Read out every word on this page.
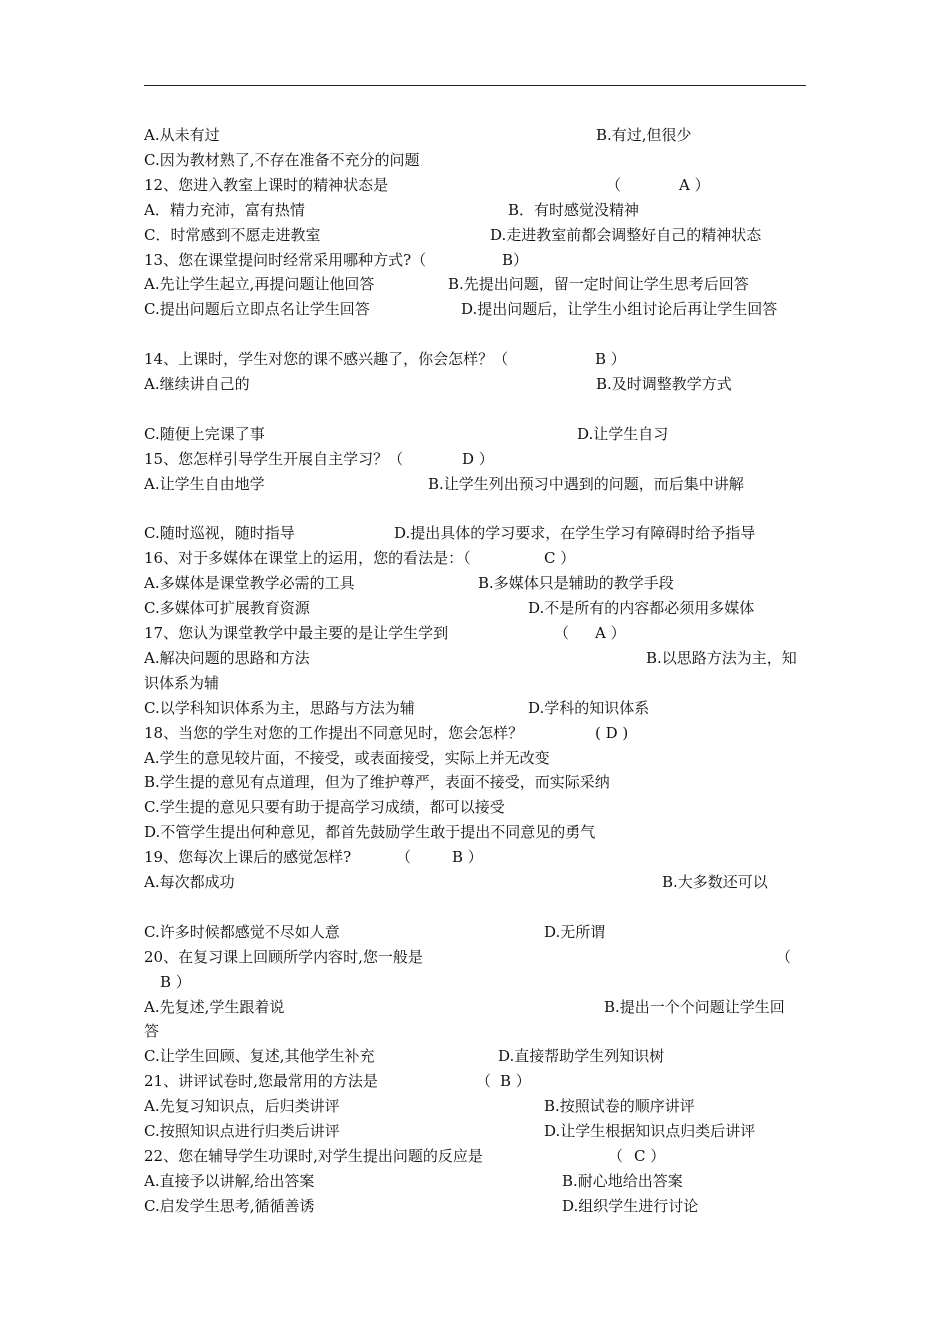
A.从未有过	B.有过,但很少
C.因为教材熟了,不存在准备不充分的问题
12、您进入教室上课时的精神状态是	（	A ）
A．精力充沛，富有热情	B．有时感觉没精神
C．时常感到不愿走进教室	D.走进教室前都会调整好自己的精神状态
13、您在课堂提问时经常采用哪种方式?（	B）
A.先让学生起立,再提问题让他回答	B.先提出问题，留一定时间让学生思考后回答
C.提出问题后立即点名让学生回答	D.提出问题后，让学生小组讨论后再让学生回答
14、上课时，学生对您的课不感兴趣了，你会怎样？（	B ）
A.继续讲自己的	B.及时调整教学方式
C.随便上完课了事	D.让学生自习
15、您怎样引导学生开展自主学习？（	D ）
A.让学生自由地学	B.让学生列出预习中遇到的问题，而后集中讲解
C.随时巡视，随时指导	D.提出具体的学习要求，在学生学习有障碍时给予指导
16、对于多媒体在课堂上的运用，您的看法是：（	C ）
A.多媒体是课堂教学必需的工具	B.多媒体只是辅助的教学手段
C.多媒体可扩展教育资源	D.不是所有的内容都必须用多媒体
17、您认为课堂教学中最主要的是让学生学到	（ A ）
A.解决问题的思路和方法	B.以思路方法为主，知
识体系为辅
C.以学科知识体系为主，思路与方法为辅	D.学科的知识体系
18、当您的学生对您的工作提出不同意见时，您会怎样？	( D )
A.学生的意见较片面，不接受，或表面接受，实际上并无改变
B.学生提的意见有点道理，但为了维护尊严，表面不接受，而实际采纳
C.学生提的意见只要有助于提高学习成绩，都可以接受
D.不管学生提出何种意见，都首先鼓励学生敢于提出不同意见的勇气
19、您每次上课后的感觉怎样?	（	B ）
A.每次都成功	B.大多数还可以
C.许多时候都感觉不尽如人意	D.无所谓
20、在复习课上回顾所学内容时,您一般是	（
B ）
A.先复述,学生跟着说	B.提出一个个问题让学生回
答
C.让学生回顾、复述,其他学生补充	D.直接帮助学生列知识树
21、讲评试卷时,您最常用的方法是	（ B ）
A.先复习知识点，后归类讲评	B.按照试卷的顺序讲评
C.按照知识点进行归类后讲评	D.让学生根据知识点归类后讲评
22、您在辅导学生功课时,对学生提出问题的反应是	（ C ）
A.直接予以讲解,给出答案	B.耐心地给出答案
C.启发学生思考,循循善诱	D.组织学生进行讨论
